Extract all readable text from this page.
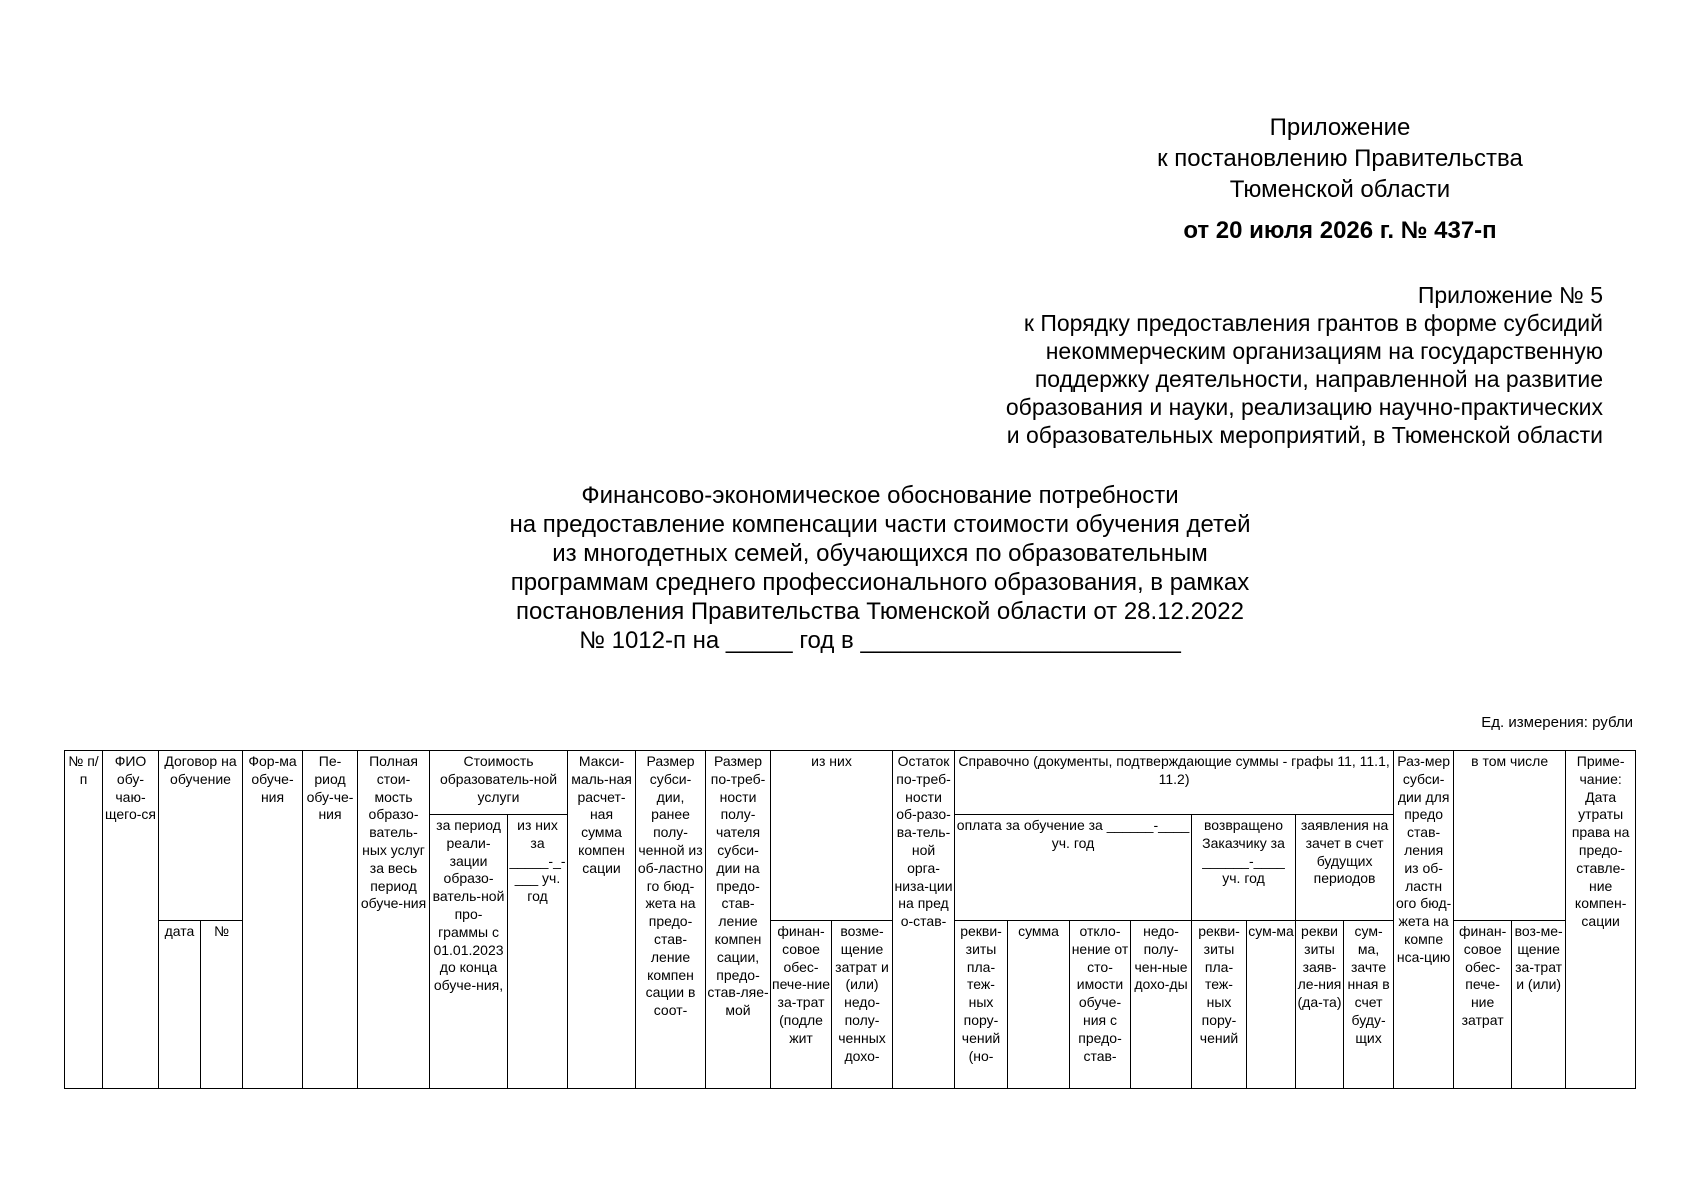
Приложение
к постановлению Правительства
Тюменской области
от 20 июля 2026 г. № 437-п

Приложение № 5

к Порядку предоставления грантов в форме субсидий

некоммерческим организациям на государственную

поддержку деятельности, направленной на развитие

образования и науки, реализацию научно-практических

и образовательных мероприятий, в Тюменской области

Финансово-экономическое обоснование потребности

на предоставление компенсации части стоимости обучения детей

из многодетных семей, обучающихся по образовательным

программам среднего профессионального образования, в рамках

постановления Правительства Тюменской области от 28.12.2022

№ 1012-п на _____ год в ________________________

Ед. измерения: рубли
№ п/п	ФИО обу-чаю-щего-ся	Договор на обучение		Фор-ма обуче-ния	Пе-риод обу-че-ния	Полная стои-мость образо-ватель-ных услуг за весь период обуче-ния	Стоимость образователь-ной услуги		Макси-маль-ная расчет-ная сумма компен сации	Размер субси-дии, ранее полу-ченной из об-ластно го бюд-жета на предо-став-ление компен сации в соот-	Размер по-треб-ности полу-чателя субси-дии на предо-став-ление компен сации, предо-став-ляе-мой	из них		Остаток по-треб-ности об-разо-ва-тель-ной орга-низа-ции на пред о-став-	Справочно (документы, подтверждающие суммы - графы 11, 11.1, 11.2)								Раз-мер субси-дии для предо став-ления из об-ластн ого бюд-жета на компе нса-цию	в том числе		Приме-чание: Дата утраты права на предо-ставле-ние компен-сации

							за период реали-зации образо-ватель-ной про-граммы с 01.01.2023 до конца обуче-ния,	из них за _____-_-___ уч. год							оплата за обучение за ______-____ уч. год				возвращено Заказчику за ______-____ уч. год		заявления на зачет в счет будущих периодов					

		дата	№									финан-совое обес-пече-ние за-трат (подле жит	возме-щение затрат и (или) недо-полу-ченных дохо-		рекви-зиты пла-теж-ных пору-чений (но-	сумма	откло-нение от сто-имости обуче-ния с предо-став-	недо-полу-чен-ные дохо-ды	рекви-зиты пла-теж-ных пору-чений	сум-ма	рекви зиты заяв-ле-ния (да-та)	сум-ма, зачте нная в счет буду-щих		финан-совое обес-пече-ние затрат	воз-ме-щение за-трат и (или)	
